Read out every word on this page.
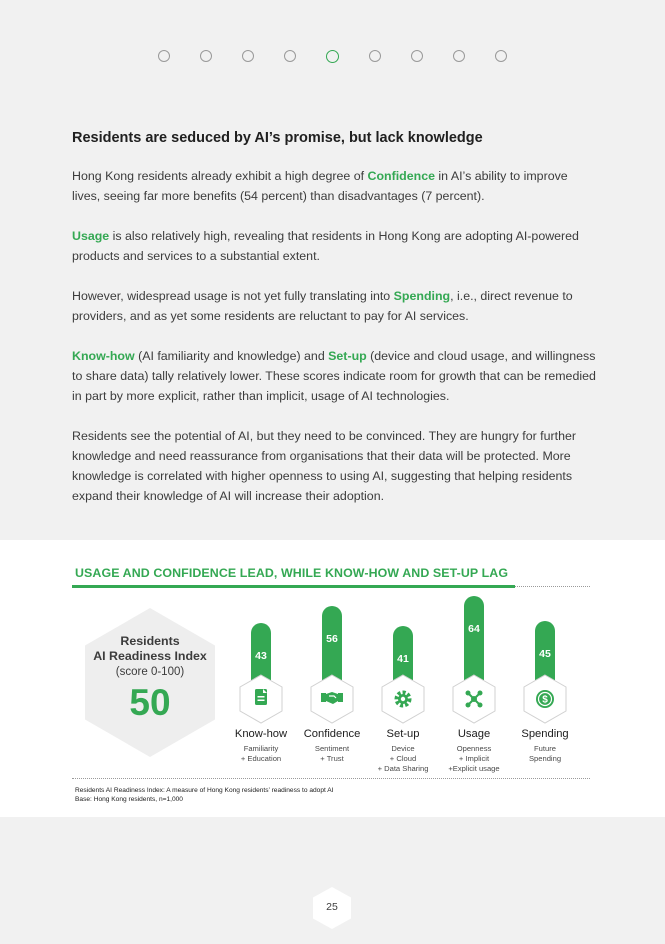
Residents are seduced by AI’s promise, but lack knowledge

Hong Kong residents already exhibit a high degree of Confidence in AI’s ability to improve lives, seeing far more benefits (54 percent) than disadvantages (7 percent).

Usage is also relatively high, revealing that residents in Hong Kong are adopting AI-powered products and services to a substantial extent.

However, widespread usage is not yet fully translating into Spending, i.e., direct revenue to providers, and as yet some residents are reluctant to pay for AI services.

Know-how (AI familiarity and knowledge) and Set-up (device and cloud usage, and willingness to share data) tally relatively lower. These scores indicate room for growth that can be remedied in part by more explicit, rather than implicit, usage of AI technologies.

Residents see the potential of AI, but they need to be convinced. They are hungry for further knowledge and need reassurance from organisations that their data will be protected. More knowledge is correlated with higher openness to using AI, suggesting that helping residents expand their knowledge of AI will increase their adoption.

USAGE AND CONFIDENCE LEAD, WHILE KNOW-HOW AND SET-UP LAG
Residents
AI Readiness Index
(score 0-100)
50
43
Know-how
Familiarity
+ Education
56
Confidence
Sentiment
+ Trust
41
Set-up
Device
+ Cloud
+ Data Sharing
64
Usage
Openness
+ Implicit
+Explicit usage
45
$
Spending
Future
Spending
Residents AI Readiness Index: A measure of Hong Kong residents’ readiness to adopt AI
Base: Hong Kong residents, n=1,000
25
